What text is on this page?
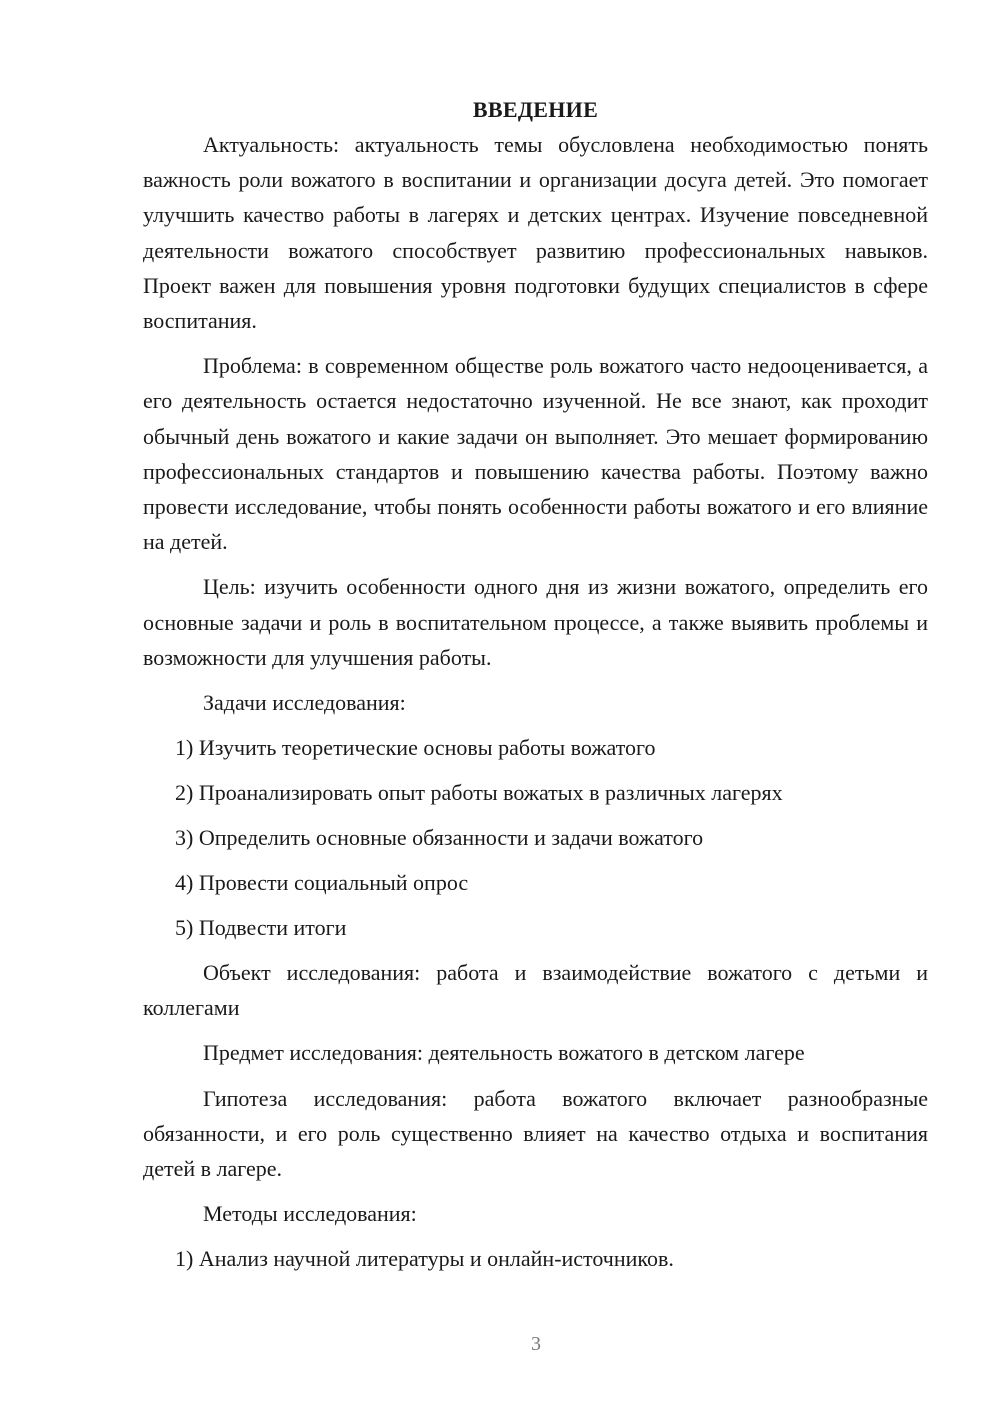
ВВЕДЕНИЕ

Актуальность: актуальность темы обусловлена необходимостью понять важность роли вожатого в воспитании и организации досуга детей. Это помогает улучшить качество работы в лагерях и детских центрах. Изучение повседневной деятельности вожатого способствует развитию профессиональных навыков. Проект важен для повышения уровня подготовки будущих специалистов в сфере воспитания.

Проблема: в современном обществе роль вожатого часто недооценивается, а его деятельность остается недостаточно изученной. Не все знают, как проходит обычный день вожатого и какие задачи он выполняет. Это мешает формированию профессиональных стандартов и повышению качества работы. Поэтому важно провести исследование, чтобы понять особенности работы вожатого и его влияние на детей.

Цель: изучить особенности одного дня из жизни вожатого, определить его основные задачи и роль в воспитательном процессе, а также выявить проблемы и возможности для улучшения работы.

Задачи исследования:

1) Изучить теоретические основы работы вожатого

2) Проанализировать опыт работы вожатых в различных лагерях

3) Определить основные обязанности и задачи вожатого

4) Провести социальный опрос

5) Подвести итоги

Объект исследования: работа и взаимодействие вожатого с детьми и коллегами

Предмет исследования: деятельность вожатого в детском лагере

Гипотеза исследования: работа вожатого включает разнообразные обязанности, и его роль существенно влияет на качество отдыха и воспитания детей в лагере.

Методы исследования:

1) Анализ научной литературы и онлайн-источников.

3
